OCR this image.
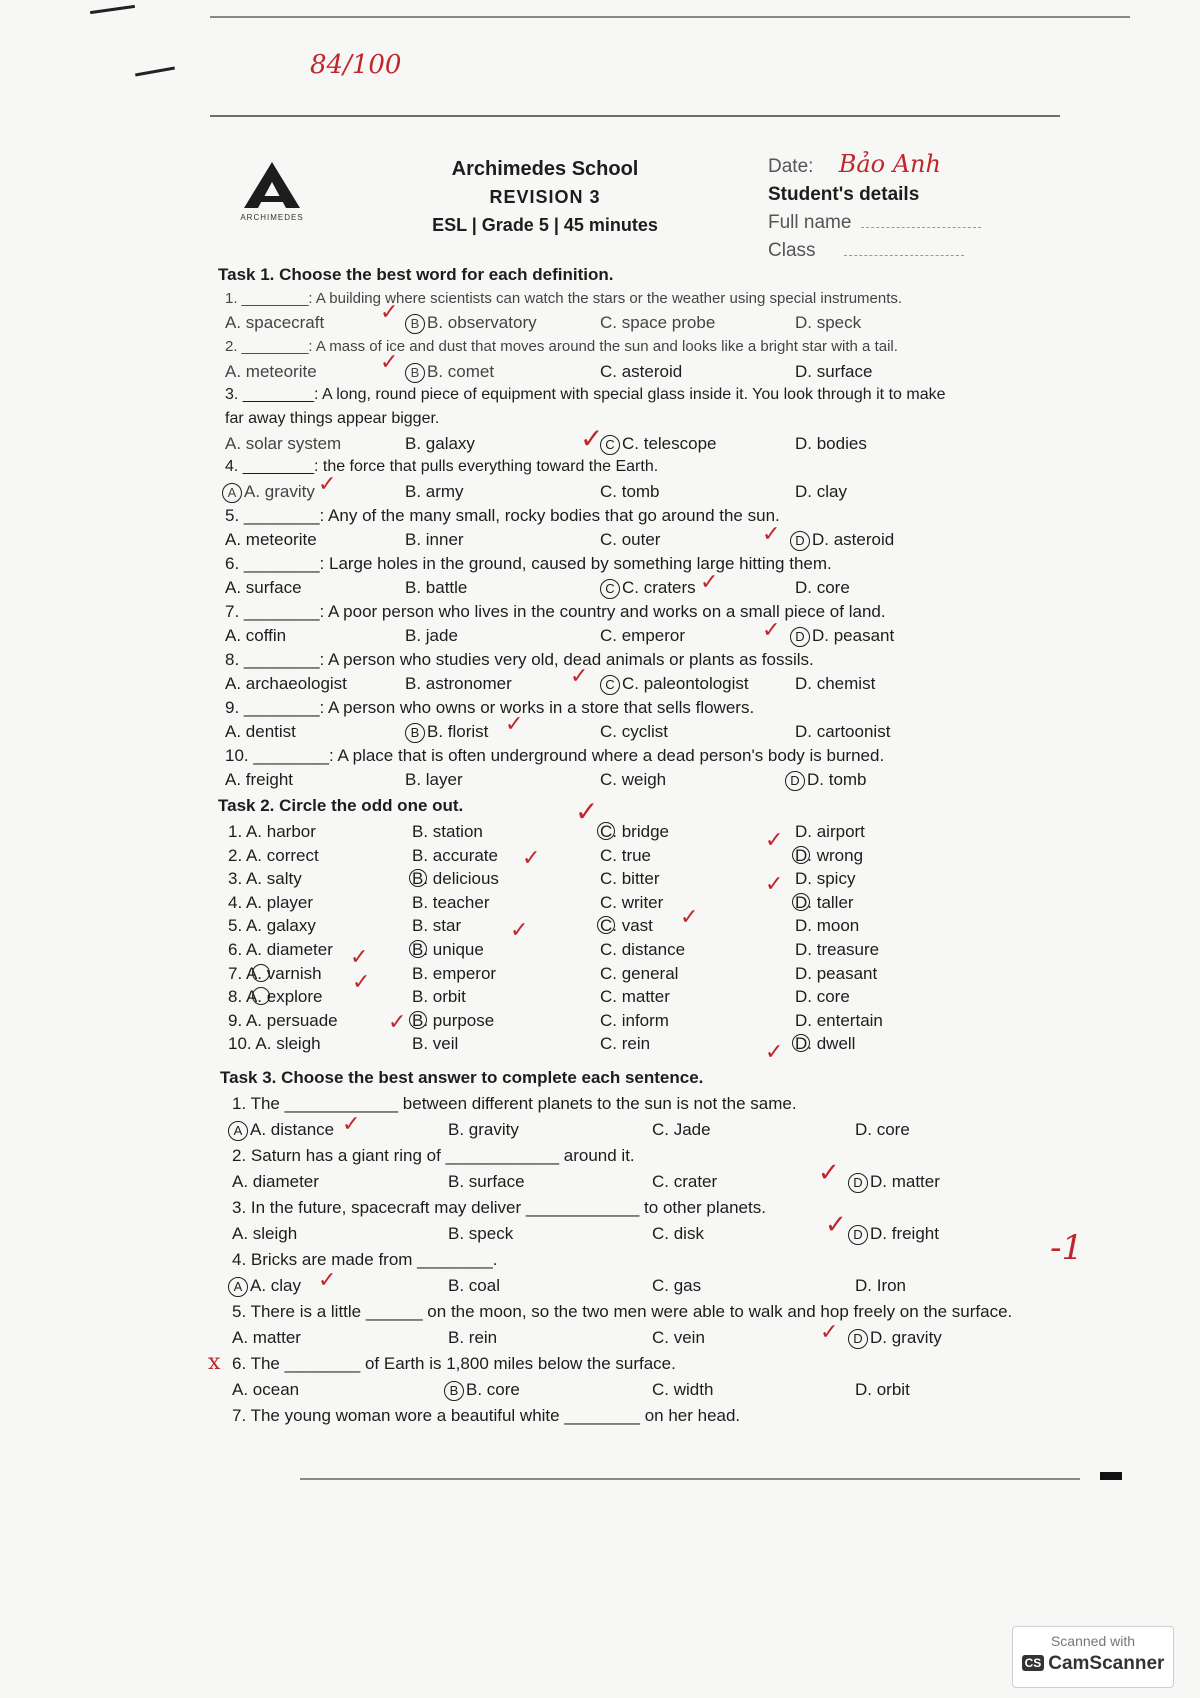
84/100
ARCHIMEDES
Archimedes School
REVISION 3
ESL | Grade 5 | 45 minutes
Date: Bảo Anh
Student's details
Full name
Class
Task 1. Choose the best word for each definition.
1. ________: A building where scientists can watch the stars or the weather using special instruments.
A. spacecraft	B B. observatory	C. space probe	D. speck
2. ________: A mass of ice and dust that moves around the sun and looks like a bright star with a tail.
A. meteorite	B B. comet	C. asteroid	D. surface
3. ________: A long, round piece of equipment with special glass inside it. You look through it to make
far away things appear bigger.
A. solar system	B. galaxy	C C. telescope	D. bodies
4. ________: the force that pulls everything toward the Earth.
A A. gravity	B. army	C. tomb	D. clay
5. ________: Any of the many small, rocky bodies that go around the sun.
A. meteorite	B. inner	C. outer	D D. asteroid
6. ________: Large holes in the ground, caused by something large hitting them.
A. surface	B. battle	C C. craters	D. core
7. ________: A poor person who lives in the country and works on a small piece of land.
A. coffin	B. jade	C. emperor	D D. peasant
8. ________: A person who studies very old, dead animals or plants as fossils.
A. archaeologist	B. astronomer	C C. paleontologist	D. chemist
9. ________: A person who owns or works in a store that sells flowers.
A. dentist	B B. florist	C. cyclist	D. cartoonist
10. ________: A place that is often underground where a dead person's body is burned.
A. freight	B. layer	C. weigh	D D. tomb
Task 2. Circle the odd one out.
1. A. harbor	B. station	C. bridge	D. airport
2. A. correct	B. accurate	C. true	D. wrong
3. A. salty	B. delicious	C. bitter	D. spicy
4. A. player	B. teacher	C. writer	D. taller
5. A. galaxy	B. star	C. vast	D. moon
6. A. diameter	B. unique	C. distance	D. treasure
7. A. varnish	B. emperor	C. general	D. peasant
8. A. explore	B. orbit	C. matter	D. core
9. A. persuade	B. purpose	C. inform	D. entertain
10. A. sleigh	B. veil	C. rein	D. dwell
Task 3. Choose the best answer to complete each sentence.
1. The ____________ between different planets to the sun is not the same.
A A. distance	B. gravity	C. Jade	D. core
2. Saturn has a giant ring of ____________ around it.
A. diameter	B. surface	C. crater	D D. matter
3. In the future, spacecraft may deliver ____________ to other planets.
A. sleigh	B. speck	C. disk	D D. freight
4. Bricks are made from ________.
A A. clay	B. coal	C. gas	D. Iron
5. There is a little ______ on the moon, so the two men were able to walk and hop freely on the surface.
A. matter	B. rein	C. vein	D D. gravity
6. The ________ of Earth is 1,800 miles below the surface.
A. ocean	B B. core	C. width	D. orbit
7. The young woman wore a beautiful white ________ on her head.
✓
✓
✓
✓
✓
✓
✓
✓
✓
✓
✓
✓
✓
✓
✓
✓
✓
✓
✓
✓
✓
✓
✓
✓
x
-1
Scanned with
CS CamScanner
